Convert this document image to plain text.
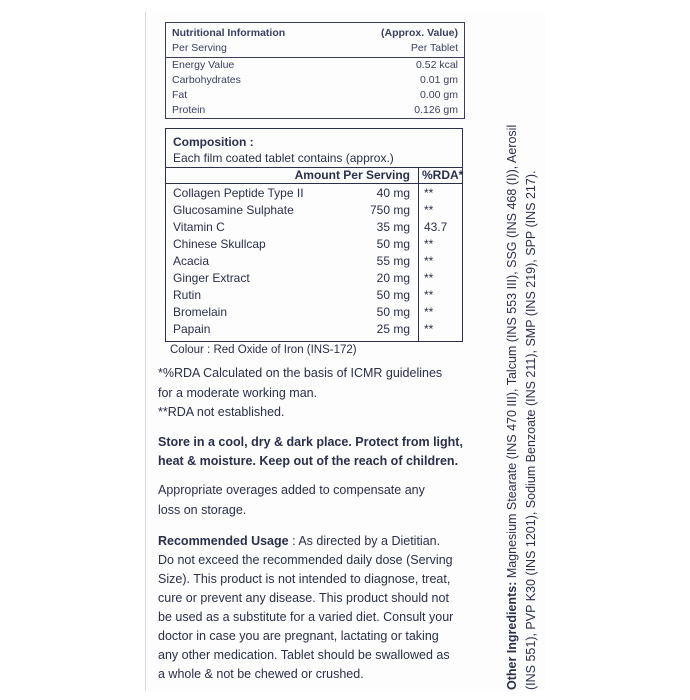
Nutritional Information	(Approx. Value)
Per Serving	Per Tablet
Energy Value	0.52 kcal
Carbohydrates	0.01 gm
Fat	0.00 gm
Protein	0.126 gm
Composition :
Each film coated tablet contains (approx.)
Amount Per Serving %RDA*
Collagen Peptide Type II	40 mg **
Glucosamine Sulphate	750 mg **
Vitamin C	35 mg 43.7
Chinese Skullcap	50 mg **
Acacia	55 mg **
Ginger Extract	20 mg **
Rutin	50 mg **
Bromelain	50 mg **
Papain	25 mg **
Colour : Red Oxide of Iron (INS-172)
*%RDA Calculated on the basis of ICMR guidelines
for a moderate working man.
**RDA not established.
Store in a cool, dry & dark place. Protect from light,
heat & moisture. Keep out of the reach of children.
Appropriate overages added to compensate any
loss on storage.
Recommended Usage : As directed by a Dietitian.
Do not exceed the recommended daily dose (Serving
Size). This product is not intended to diagnose, treat,
cure or prevent any disease. This product should not
be used as a substitute for a varied diet. Consult your
doctor in case you are pregnant, lactating or taking
any other medication. Tablet should be swallowed as
a whole & not be chewed or crushed.	Other Ingredients: Magnesium Stearate (INS 470 III), Talcum (INS 553 III), SSG (INS 468 (I)), Aerosil (INS 551), PVP K30 (INS 1201), Sodium Benzoate (INS 211), SMP (INS 219), SPP (INS 217).
